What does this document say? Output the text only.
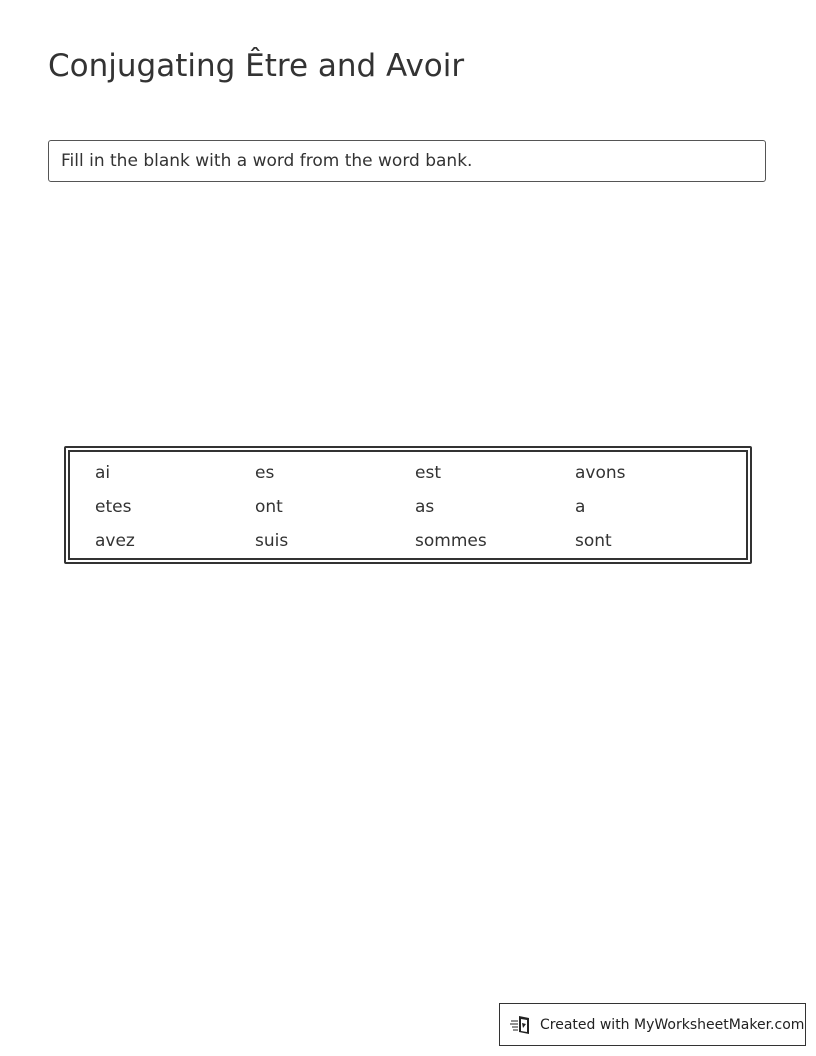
Conjugating Être and Avoir
Fill in the blank with a word from the word bank.
ai	es	est	avons
etes	ont	as	a
avez	suis	sommes	sont
Created with MyWorksheetMaker.com
